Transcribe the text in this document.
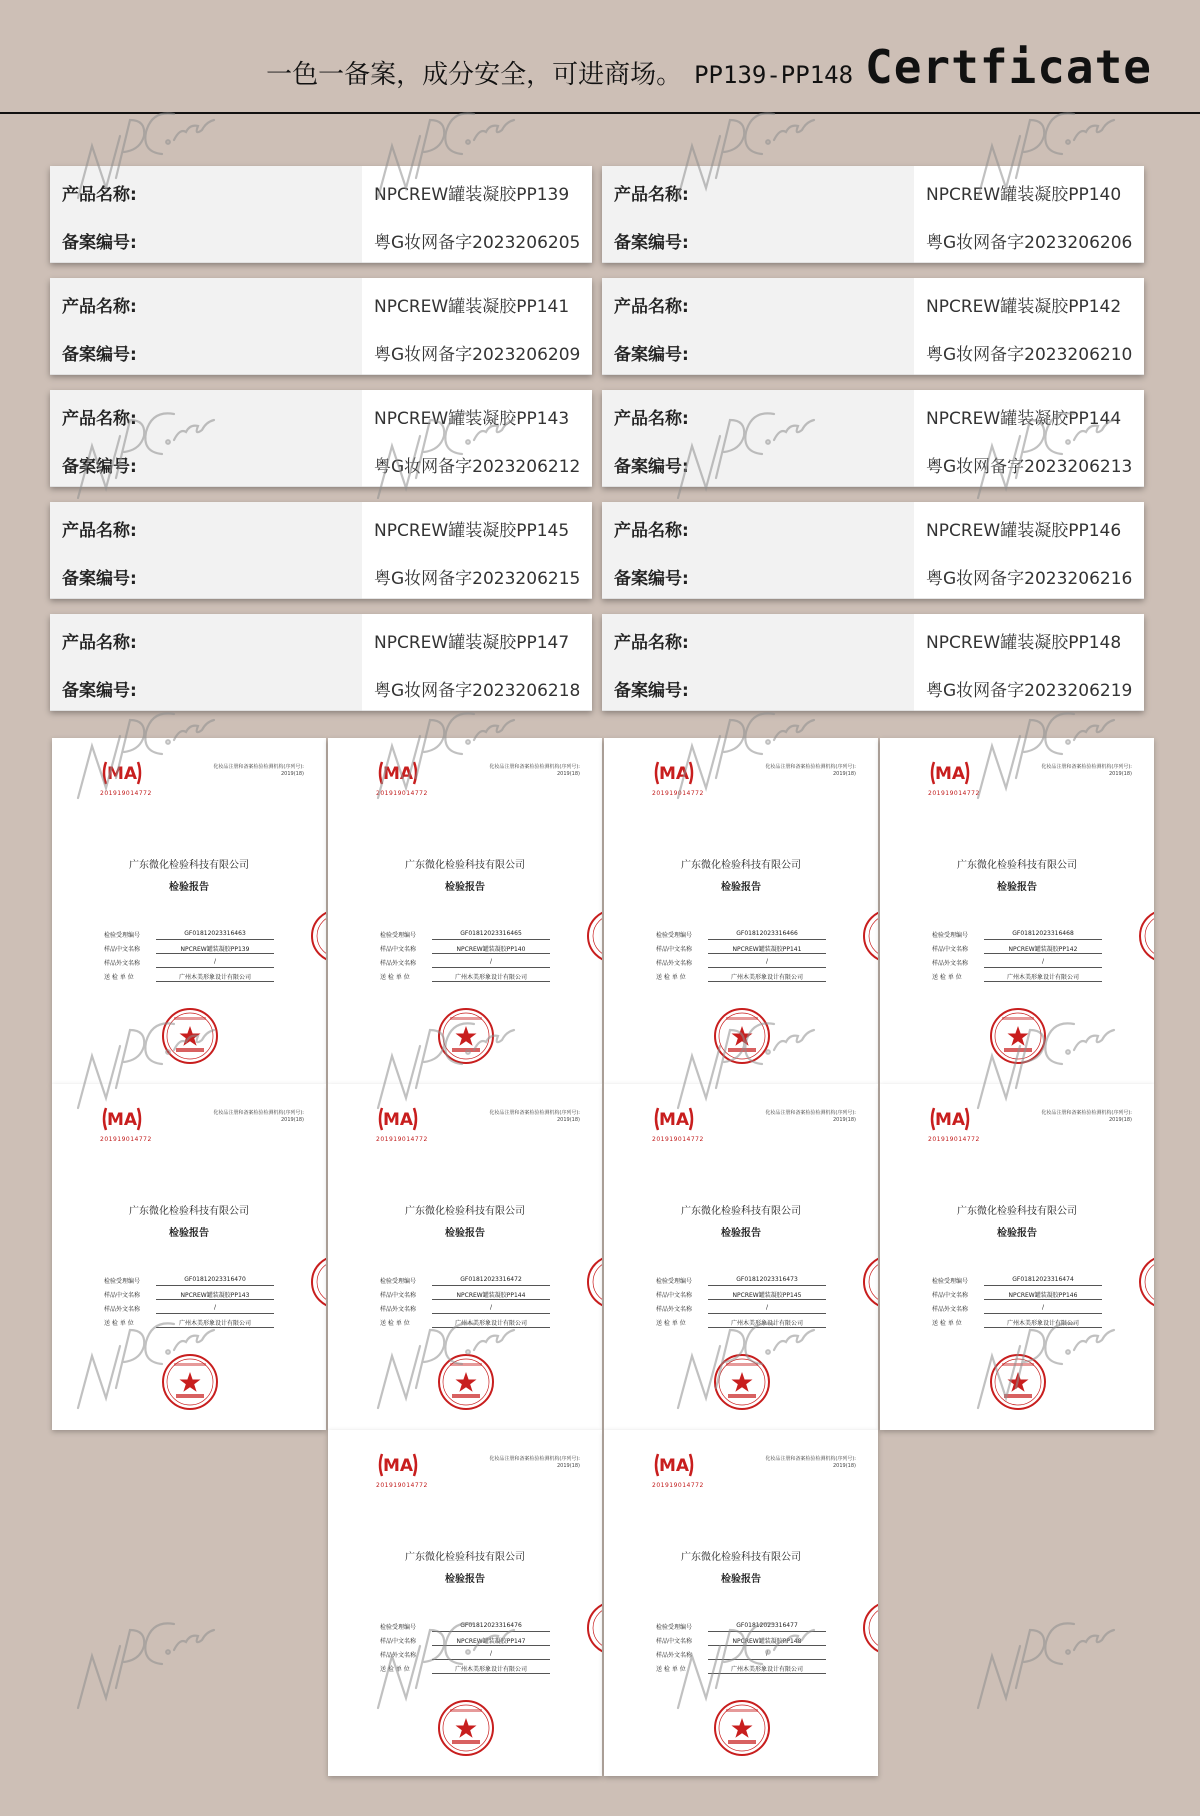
一色一备案，成分安全，可进商场。 PP139-PP148 Certficate
产品名称:	NPCREW罐装凝胶PP139
备案编号:	粤G妆网备字2023206205
产品名称:	NPCREW罐装凝胶PP140
备案编号:	粤G妆网备字2023206206
产品名称:	NPCREW罐装凝胶PP141
备案编号:	粤G妆网备字2023206209
产品名称:	NPCREW罐装凝胶PP142
备案编号:	粤G妆网备字2023206210
产品名称:	NPCREW罐装凝胶PP143
备案编号:	粤G妆网备字2023206212
产品名称:	NPCREW罐装凝胶PP144
备案编号:	粤G妆网备字2023206213
产品名称:	NPCREW罐装凝胶PP145
备案编号:	粤G妆网备字2023206215
产品名称:	NPCREW罐装凝胶PP146
备案编号:	粤G妆网备字2023206216
产品名称:	NPCREW罐装凝胶PP147
备案编号:	粤G妆网备字2023206218
产品名称:	NPCREW罐装凝胶PP148
备案编号:	粤G妆网备字2023206219
MA
201919014772
化妆品注册和备案检验检测机构(序列号):
2019(18)
广东微化检验科技有限公司
检验报告
检验受理编号	GF01812023316463
样品中文名称	NPCREW罐装凝胶PP139
样品外文名称	/
送 检 单 位	广州木美形象设计有限公司
MA
201919014772
化妆品注册和备案检验检测机构(序列号):
2019(18)
广东微化检验科技有限公司
检验报告
检验受理编号	GF01812023316465
样品中文名称	NPCREW罐装凝胶PP140
样品外文名称	/
送 检 单 位	广州木美形象设计有限公司
MA
201919014772
化妆品注册和备案检验检测机构(序列号):
2019(18)
广东微化检验科技有限公司
检验报告
检验受理编号	GF01812023316466
样品中文名称	NPCREW罐装凝胶PP141
样品外文名称	/
送 检 单 位	广州木美形象设计有限公司
MA
201919014772
化妆品注册和备案检验检测机构(序列号):
2019(18)
广东微化检验科技有限公司
检验报告
检验受理编号	GF01812023316468
样品中文名称	NPCREW罐装凝胶PP142
样品外文名称	/
送 检 单 位	广州木美形象设计有限公司
MA
201919014772
化妆品注册和备案检验检测机构(序列号):
2019(18)
广东微化检验科技有限公司
检验报告
检验受理编号	GF01812023316470
样品中文名称	NPCREW罐装凝胶PP143
样品外文名称	/
送 检 单 位	广州木美形象设计有限公司
MA
201919014772
化妆品注册和备案检验检测机构(序列号):
2019(18)
广东微化检验科技有限公司
检验报告
检验受理编号	GF01812023316472
样品中文名称	NPCREW罐装凝胶PP144
样品外文名称	/
送 检 单 位	广州木美形象设计有限公司
MA
201919014772
化妆品注册和备案检验检测机构(序列号):
2019(18)
广东微化检验科技有限公司
检验报告
检验受理编号	GF01812023316473
样品中文名称	NPCREW罐装凝胶PP145
样品外文名称	/
送 检 单 位	广州木美形象设计有限公司
MA
201919014772
化妆品注册和备案检验检测机构(序列号):
2019(18)
广东微化检验科技有限公司
检验报告
检验受理编号	GF01812023316474
样品中文名称	NPCREW罐装凝胶PP146
样品外文名称	/
送 检 单 位	广州木美形象设计有限公司
MA
201919014772
化妆品注册和备案检验检测机构(序列号):
2019(18)
广东微化检验科技有限公司
检验报告
检验受理编号	GF01812023316476
样品中文名称	NPCREW罐装凝胶PP147
样品外文名称	/
送 检 单 位	广州木美形象设计有限公司
MA
201919014772
化妆品注册和备案检验检测机构(序列号):
2019(18)
广东微化检验科技有限公司
检验报告
检验受理编号	GF01812023316477
样品中文名称	NPCREW罐装凝胶PP148
样品外文名称	/
送 检 单 位	广州木美形象设计有限公司
